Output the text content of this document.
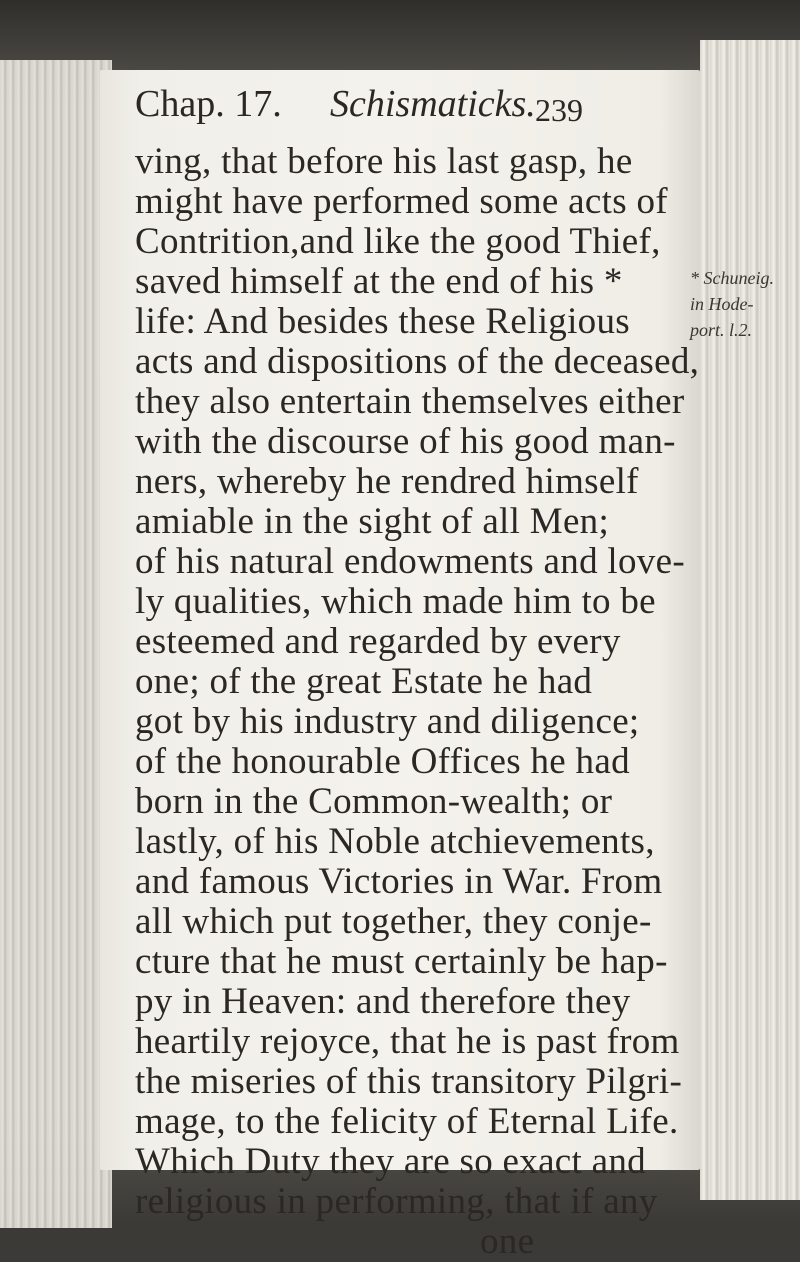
Chap. 17. Schismaticks. 239
ving, that before his last gasp, he
might have performed some acts of
Contrition,and like the good Thief,
saved himself at the end of his *
life: And besides these Religious
acts and dispositions of the deceased,
they also entertain themselves either
with the discourse of his good man-
ners, whereby he rendred himself
amiable in the sight of all Men;
of his natural endowments and love-
ly qualities, which made him to be
esteemed and regarded by every
one; of the great Estate he had
got by his industry and diligence;
of the honourable Offices he had
born in the Common-wealth; or
lastly, of his Noble atchievements,
and famous Victories in War. From
all which put together, they conje-
cture that he must certainly be hap-
py in Heaven: and therefore they
heartily rejoyce, that he is past from
the miseries of this transitory Pilgri-
mage, to the felicity of Eternal Life.
Which Duty they are so exact and
religious in performing, that if any
one
* Schuneig.
in Hode-
port. l.2.
